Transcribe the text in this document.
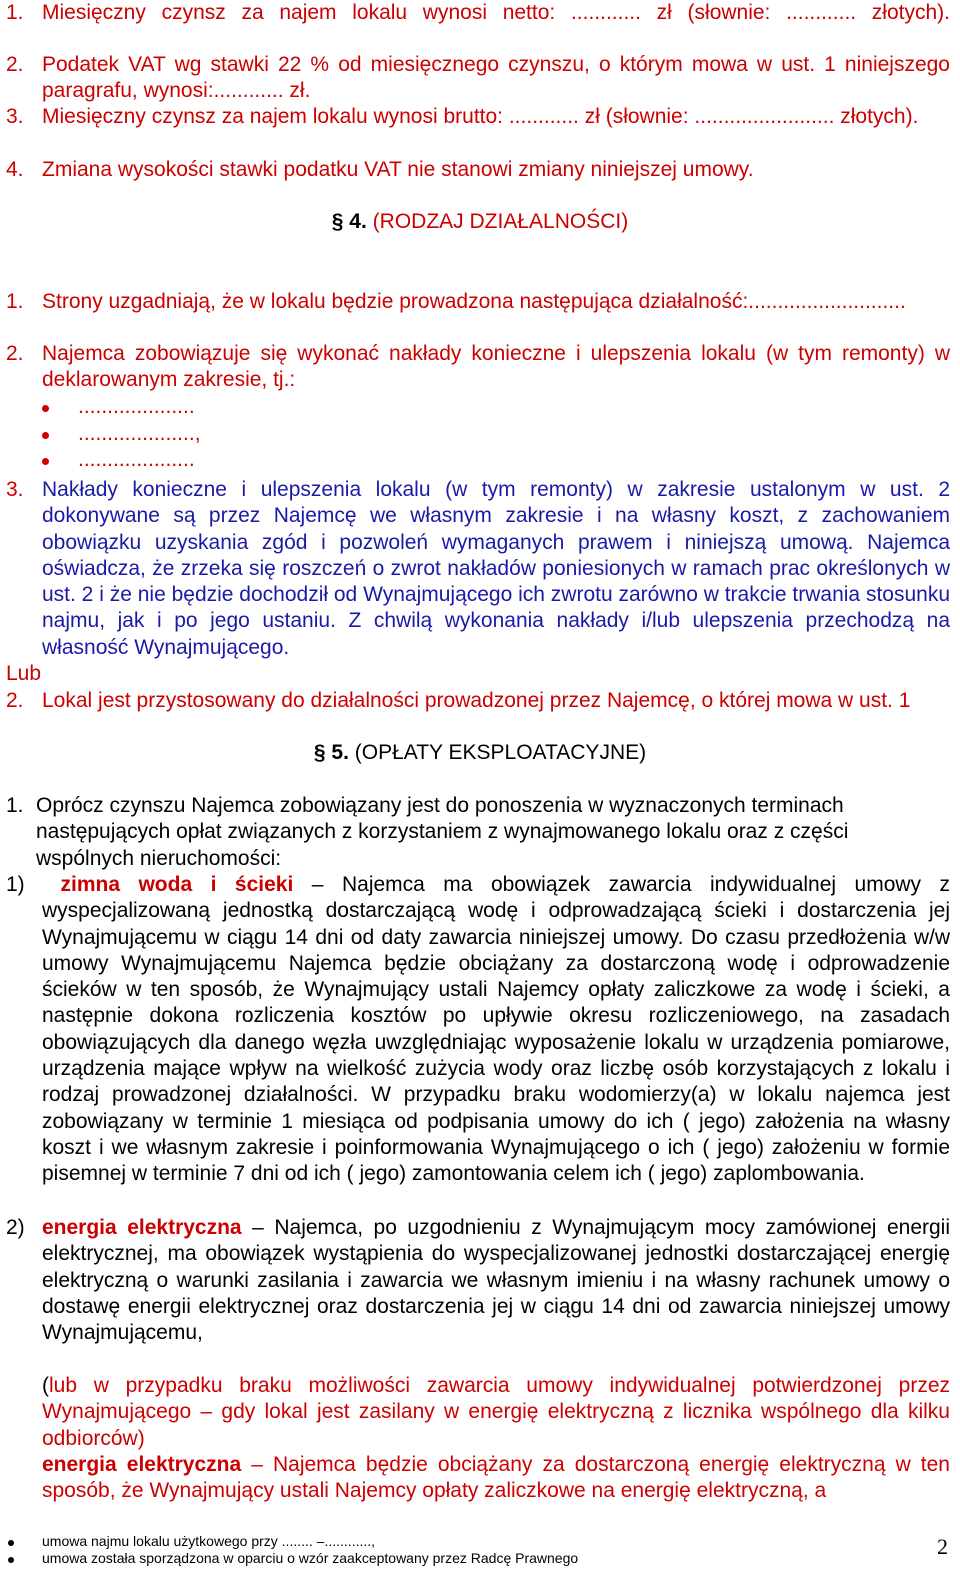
1. Miesięczny czynsz za najem lokalu wynosi netto: ............ zł (słownie: ............ złotych).
2. Podatek VAT wg stawki 22 % od miesięcznego czynszu, o którym mowa w ust. 1 niniejszego paragrafu, wynosi:............ zł.
3. Miesięczny czynsz za najem lokalu wynosi brutto: ............ zł (słownie: ........................ złotych).
4. Zmiana wysokości stawki podatku VAT nie stanowi zmiany niniejszej umowy.
§ 4. (RODZAJ DZIAŁALNOŚCI)
1. Strony uzgadniają, że w lokalu będzie prowadzona następująca działalność:...........................
2. Najemca zobowiązuje się wykonać nakłady konieczne i ulepszenia lokalu (w tym remonty) w deklarowanym zakresie, tj.:
....................
....................,
....................
3. Nakłady konieczne i ulepszenia lokalu (w tym remonty) w zakresie ustalonym w ust. 2 dokonywane są przez Najemcę we własnym zakresie i na własny koszt, z zachowaniem obowiązku uzyskania zgód i pozwoleń wymaganych prawem i niniejszą umową. Najemca oświadcza, że zrzeka się roszczeń o zwrot nakładów poniesionych w ramach prac określonych w ust. 2 i że nie będzie dochodził od Wynajmującego ich zwrotu zarówno w trakcie trwania stosunku najmu, jak i po jego ustaniu. Z chwilą wykonania nakłady i/lub ulepszenia przechodzą na własność Wynajmującego.
Lub
2. Lokal jest przystosowany do działalności prowadzonej przez Najemcę, o której mowa w ust. 1
§ 5. (OPŁATY EKSPLOATACYJNE)
1. Oprócz czynszu Najemca zobowiązany jest do ponoszenia w wyznaczonych terminach następujących opłat związanych z korzystaniem z wynajmowanego lokalu oraz z części wspólnych nieruchomości:
1)	zimna woda i ścieki – Najemca ma obowiązek zawarcia indywidualnej umowy z wyspecjalizowaną jednostką dostarczającą wodę i odprowadzającą ścieki i dostarczenia jej Wynajmującemu w ciągu 14 dni od daty zawarcia niniejszej umowy. Do czasu przedłożenia w/w umowy Wynajmującemu Najemca będzie obciążany za dostarczoną wodę i odprowadzenie ścieków w ten sposób, że Wynajmujący ustali Najemcy opłaty zaliczkowe za wodę i ścieki, a następnie dokona rozliczenia kosztów po upływie okresu rozliczeniowego, na zasadach obowiązujących dla danego węzła uwzględniając wyposażenie lokalu w urządzenia pomiarowe, urządzenia mające wpływ na wielkość zużycia wody oraz liczbę osób korzystających z lokalu i rodzaj prowadzonej działalności. W przypadku braku wodomierzy(a) w lokalu najemca jest zobowiązany w terminie 1 miesiąca od podpisania umowy do ich ( jego) założenia na własny koszt i we własnym zakresie i poinformowania Wynajmującego o ich ( jego) założeniu w formie pisemnej w terminie 7 dni od ich ( jego) zamontowania celem ich ( jego) zaplombowania.
2) energia elektryczna – Najemca, po uzgodnieniu z Wynajmującym mocy zamówionej energii elektrycznej, ma obowiązek wystąpienia do wyspecjalizowanej jednostki dostarczającej energię elektryczną o warunki zasilania i zawarcia we własnym imieniu i na własny rachunek umowy o dostawę energii elektrycznej oraz dostarczenia jej w ciągu 14 dni od zawarcia niniejszej umowy Wynajmującemu,
(lub w przypadku braku możliwości zawarcia umowy indywidualnej potwierdzonej przez Wynajmującego – gdy lokal jest zasilany w energię elektryczną z licznika wspólnego dla kilku odbiorców)
energia elektryczna – Najemca będzie obciążany za dostarczoną energię elektryczną w ten sposób, że Wynajmujący ustali Najemcy opłaty zaliczkowe na energię elektryczną, a
umowa najmu lokalu użytkowego przy ........ –............,
umowa została sporządzona w oparciu o wzór zaakceptowany przez Radcę Prawnego	2
